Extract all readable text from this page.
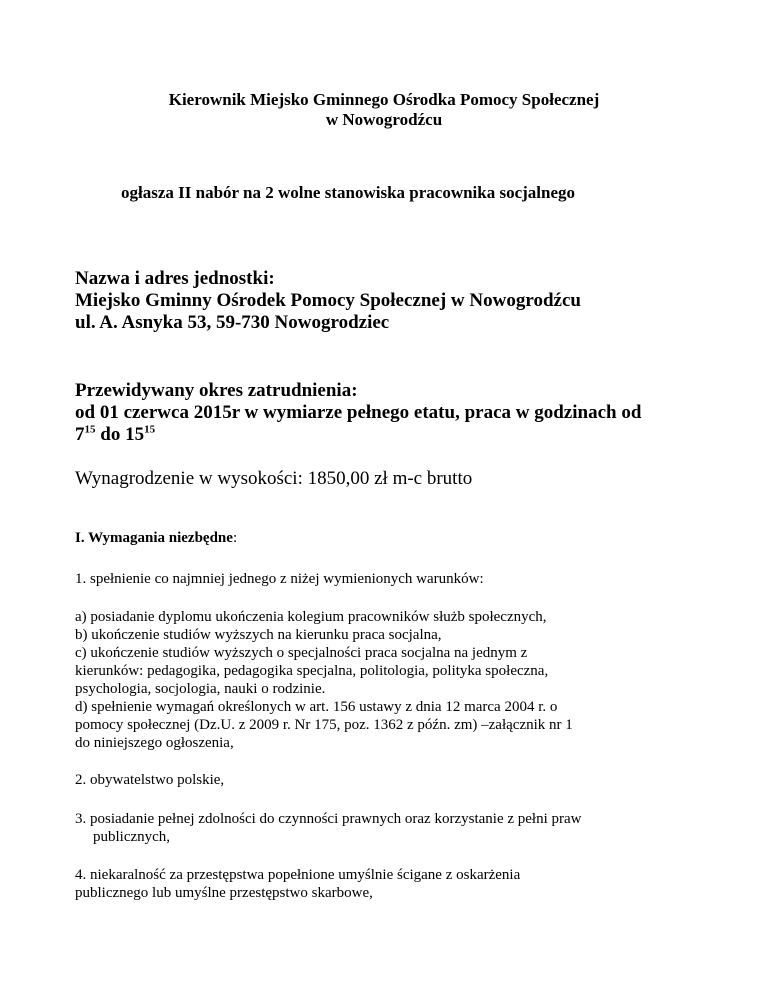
Kierownik Miejsko Gminnego Ośrodka Pomocy Społecznej
w Nowogrodźcu
ogłasza II nabór na 2 wolne stanowiska pracownika socjalnego
Nazwa i adres jednostki:
Miejsko Gminny Ośrodek Pomocy Społecznej w Nowogrodźcu
ul. A. Asnyka 53, 59-730 Nowogrodziec
Przewidywany okres zatrudnienia:
od 01 czerwca 2015r w wymiarze pełnego etatu, praca w godzinach od
$7^{15}$ do $15^{15}$
Wynagrodzenie w wysokości: 1850,00 zł m-c brutto
I. Wymagania niezbędne:
1. spełnienie co najmniej jednego z niżej wymienionych warunków:
a) posiadanie dyplomu ukończenia kolegium pracowników służb społecznych,
b) ukończenie studiów wyższych na kierunku praca socjalna,
c) ukończenie studiów wyższych o specjalności praca socjalna na jednym z
kierunków: pedagogika, pedagogika specjalna, politologia, polityka społeczna,
psychologia, socjologia, nauki o rodzinie.
d) spełnienie wymagań określonych w art. 156 ustawy z dnia 12 marca 2004 r. o
pomocy społecznej (Dz.U. z 2009 r. Nr 175, poz. 1362 z późn. zm) –załącznik nr 1
do niniejszego ogłoszenia,
2. obywatelstwo polskie,
3. posiadanie pełnej zdolności do czynności prawnych oraz korzystanie z pełni praw
publicznych,
4. niekaralność za przestępstwa popełnione umyślnie ścigane z oskarżenia
publicznego lub umyślne przestępstwo skarbowe,
